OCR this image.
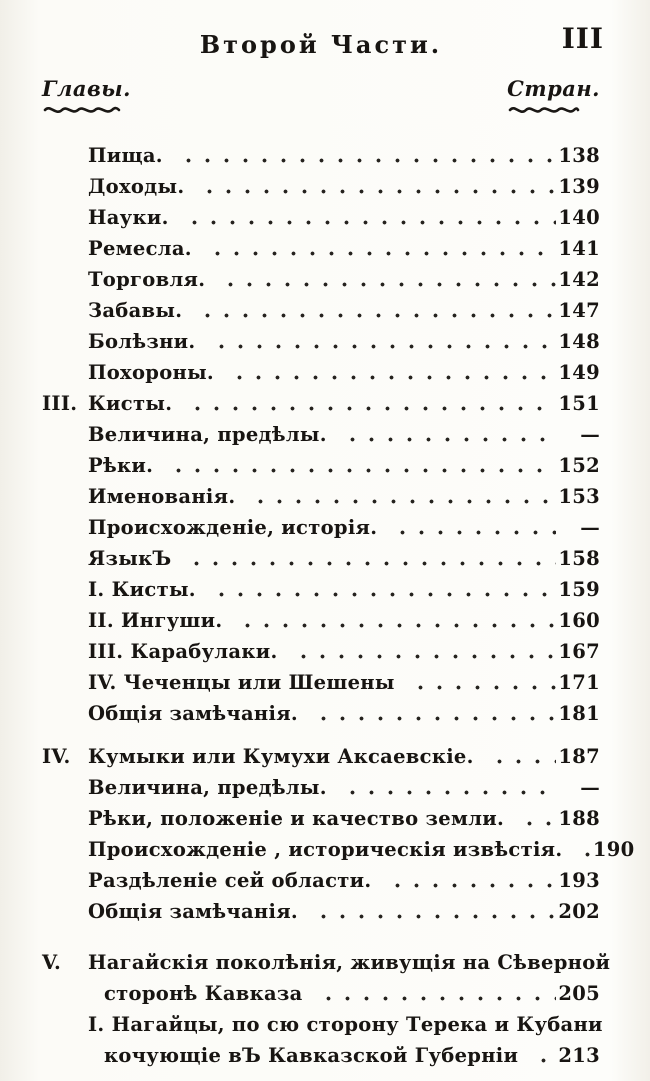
Второй Части.	III
Главы.	Стран.
Пища.	138
Доходы.	139
Науки.	140
Ремесла.	141
Торговля.	142
Забавы.	147
Болѣзни.	148
Похороны.	149
III. Кисты.	151
Величина, предѣлы.	—
Рѣки.	152
Именованія.	153
Происхожденіе, исторія.	—
ЯзыкЪ	158
I. Кисты.	159
II. Ингуши.	160
III. Карабулаки.	167
IV. Чеченцы или Шешены	171
Общія замѣчанія.	181
IV. Кумыки или Кумухи Аксаевскіе.	187
Величина, предѣлы.	—
Рѣки, положеніе и качество земли.	188
Происхожденіе , историческія извѣстія. 190
Раздѣленіе сей области.	193
Общія замѣчанія.	202
V.	Нагайскія поколѣнія, живущія на Сѣверной
сторонѣ Кавказа	205
I. Нагайцы, по сю сторону Терека и Кубани
кочующіе вЪ Кавказской Губерніи 213
